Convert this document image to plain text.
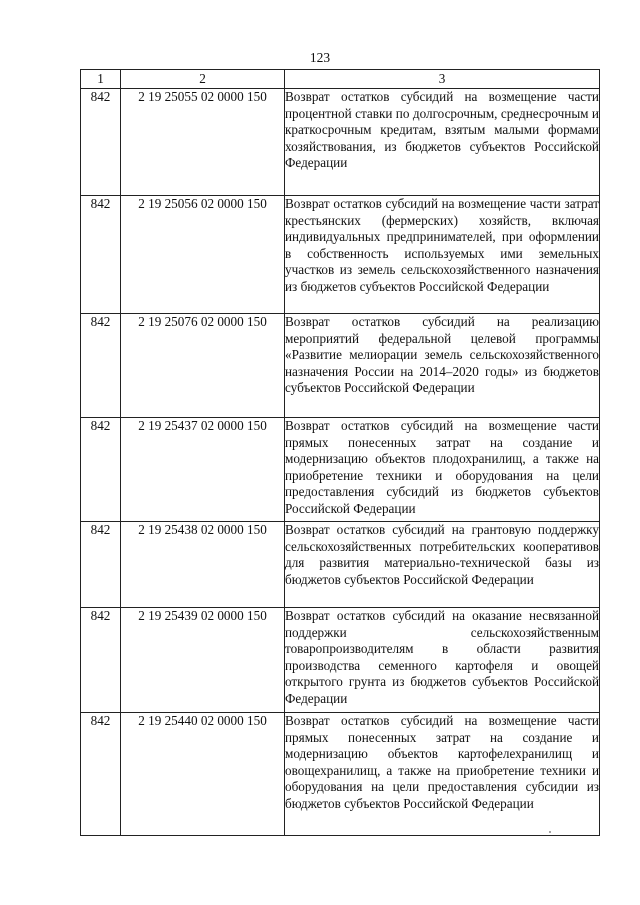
123
1	2	3
842	2 19 25055 02 0000 150	Возврат остатков субсидий на возмещение части процентной ставки по долгосрочным, среднесрочным и краткосрочным кредитам, взятым малыми формами хозяйствования, из бюджетов субъектов Российской Федерации
842	2 19 25056 02 0000 150	Возврат остатков субсидий на возмещение части затрат крестьянских (фермерских) хозяйств, включая индивидуальных предпринимателей, при оформлении в собственность используемых ими земельных участков из земель сельскохозяйственного назначения из бюджетов субъектов Российской Федерации
842	2 19 25076 02 0000 150	Возврат остатков субсидий на реализацию мероприятий федеральной целевой программы «Развитие мелиорации земель сельскохозяйственного назначения России на 2014–2020 годы» из бюджетов субъектов Российской Федерации
842	2 19 25437 02 0000 150	Возврат остатков субсидий на возмещение части прямых понесенных затрат на создание и модернизацию объектов плодохранилищ, а также на приобретение техники и оборудования на цели предоставления субсидий из бюджетов субъектов Российской Федерации
842	2 19 25438 02 0000 150	Возврат остатков субсидий на грантовую поддержку сельскохозяйственных потребительских кооперативов для развития материально-технической базы из бюджетов субъектов Российской Федерации
842	2 19 25439 02 0000 150	Возврат остатков субсидий на оказание несвязанной поддержки сельскохозяйственным товаропроизводителям в области развития производства семенного картофеля и овощей открытого грунта из бюджетов субъектов Российской Федерации
842	2 19 25440 02 0000 150	Возврат остатков субсидий на возмещение части прямых понесенных затрат на создание и модернизацию объектов картофелехранилищ и овощехранилищ, а также на приобретение техники и оборудования на цели предоставления субсидии из бюджетов субъектов Российской Федерации
